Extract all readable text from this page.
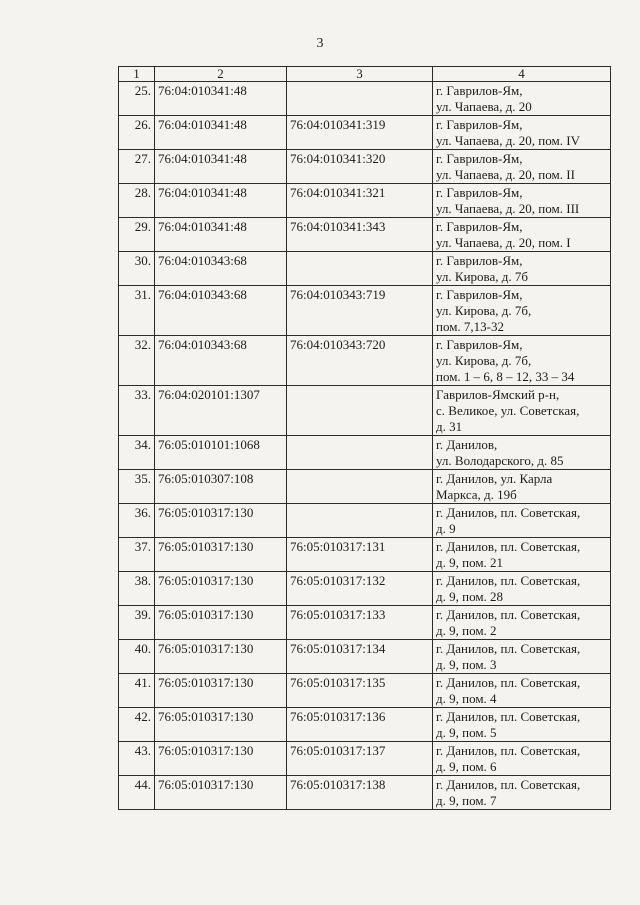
3
1	2	3	4
25.	76:04:010341:48		г. Гаврилов-Ям,
ул. Чапаева, д. 20
26.	76:04:010341:48	76:04:010341:319	г. Гаврилов-Ям,
ул. Чапаева, д. 20, пом. IV
27.	76:04:010341:48	76:04:010341:320	г. Гаврилов-Ям,
ул. Чапаева, д. 20, пом. II
28.	76:04:010341:48	76:04:010341:321	г. Гаврилов-Ям,
ул. Чапаева, д. 20, пом. III
29.	76:04:010341:48	76:04:010341:343	г. Гаврилов-Ям,
ул. Чапаева, д. 20, пом. I
30.	76:04:010343:68		г. Гаврилов-Ям,
ул. Кирова, д. 7б
31.	76:04:010343:68	76:04:010343:719	г. Гаврилов-Ям,
ул. Кирова, д. 7б,
пом. 7,13-32
32.	76:04:010343:68	76:04:010343:720	г. Гаврилов-Ям,
ул. Кирова, д. 7б,
пом. 1 – 6, 8 – 12, 33 – 34
33.	76:04:020101:1307		Гаврилов-Ямский р-н,
с. Великое, ул. Советская,
д. 31
34.	76:05:010101:1068		г. Данилов,
ул. Володарского, д. 85
35.	76:05:010307:108		г. Данилов, ул. Карла
Маркса, д. 19б
36.	76:05:010317:130		г. Данилов, пл. Советская,
д. 9
37.	76:05:010317:130	76:05:010317:131	г. Данилов, пл. Советская,
д. 9, пом. 21
38.	76:05:010317:130	76:05:010317:132	г. Данилов, пл. Советская,
д. 9, пом. 28
39.	76:05:010317:130	76:05:010317:133	г. Данилов, пл. Советская,
д. 9, пом. 2
40.	76:05:010317:130	76:05:010317:134	г. Данилов, пл. Советская,
д. 9, пом. 3
41.	76:05:010317:130	76:05:010317:135	г. Данилов, пл. Советская,
д. 9, пом. 4
42.	76:05:010317:130	76:05:010317:136	г. Данилов, пл. Советская,
д. 9, пом. 5
43.	76:05:010317:130	76:05:010317:137	г. Данилов, пл. Советская,
д. 9, пом. 6
44.	76:05:010317:130	76:05:010317:138	г. Данилов, пл. Советская,
д. 9, пом. 7
